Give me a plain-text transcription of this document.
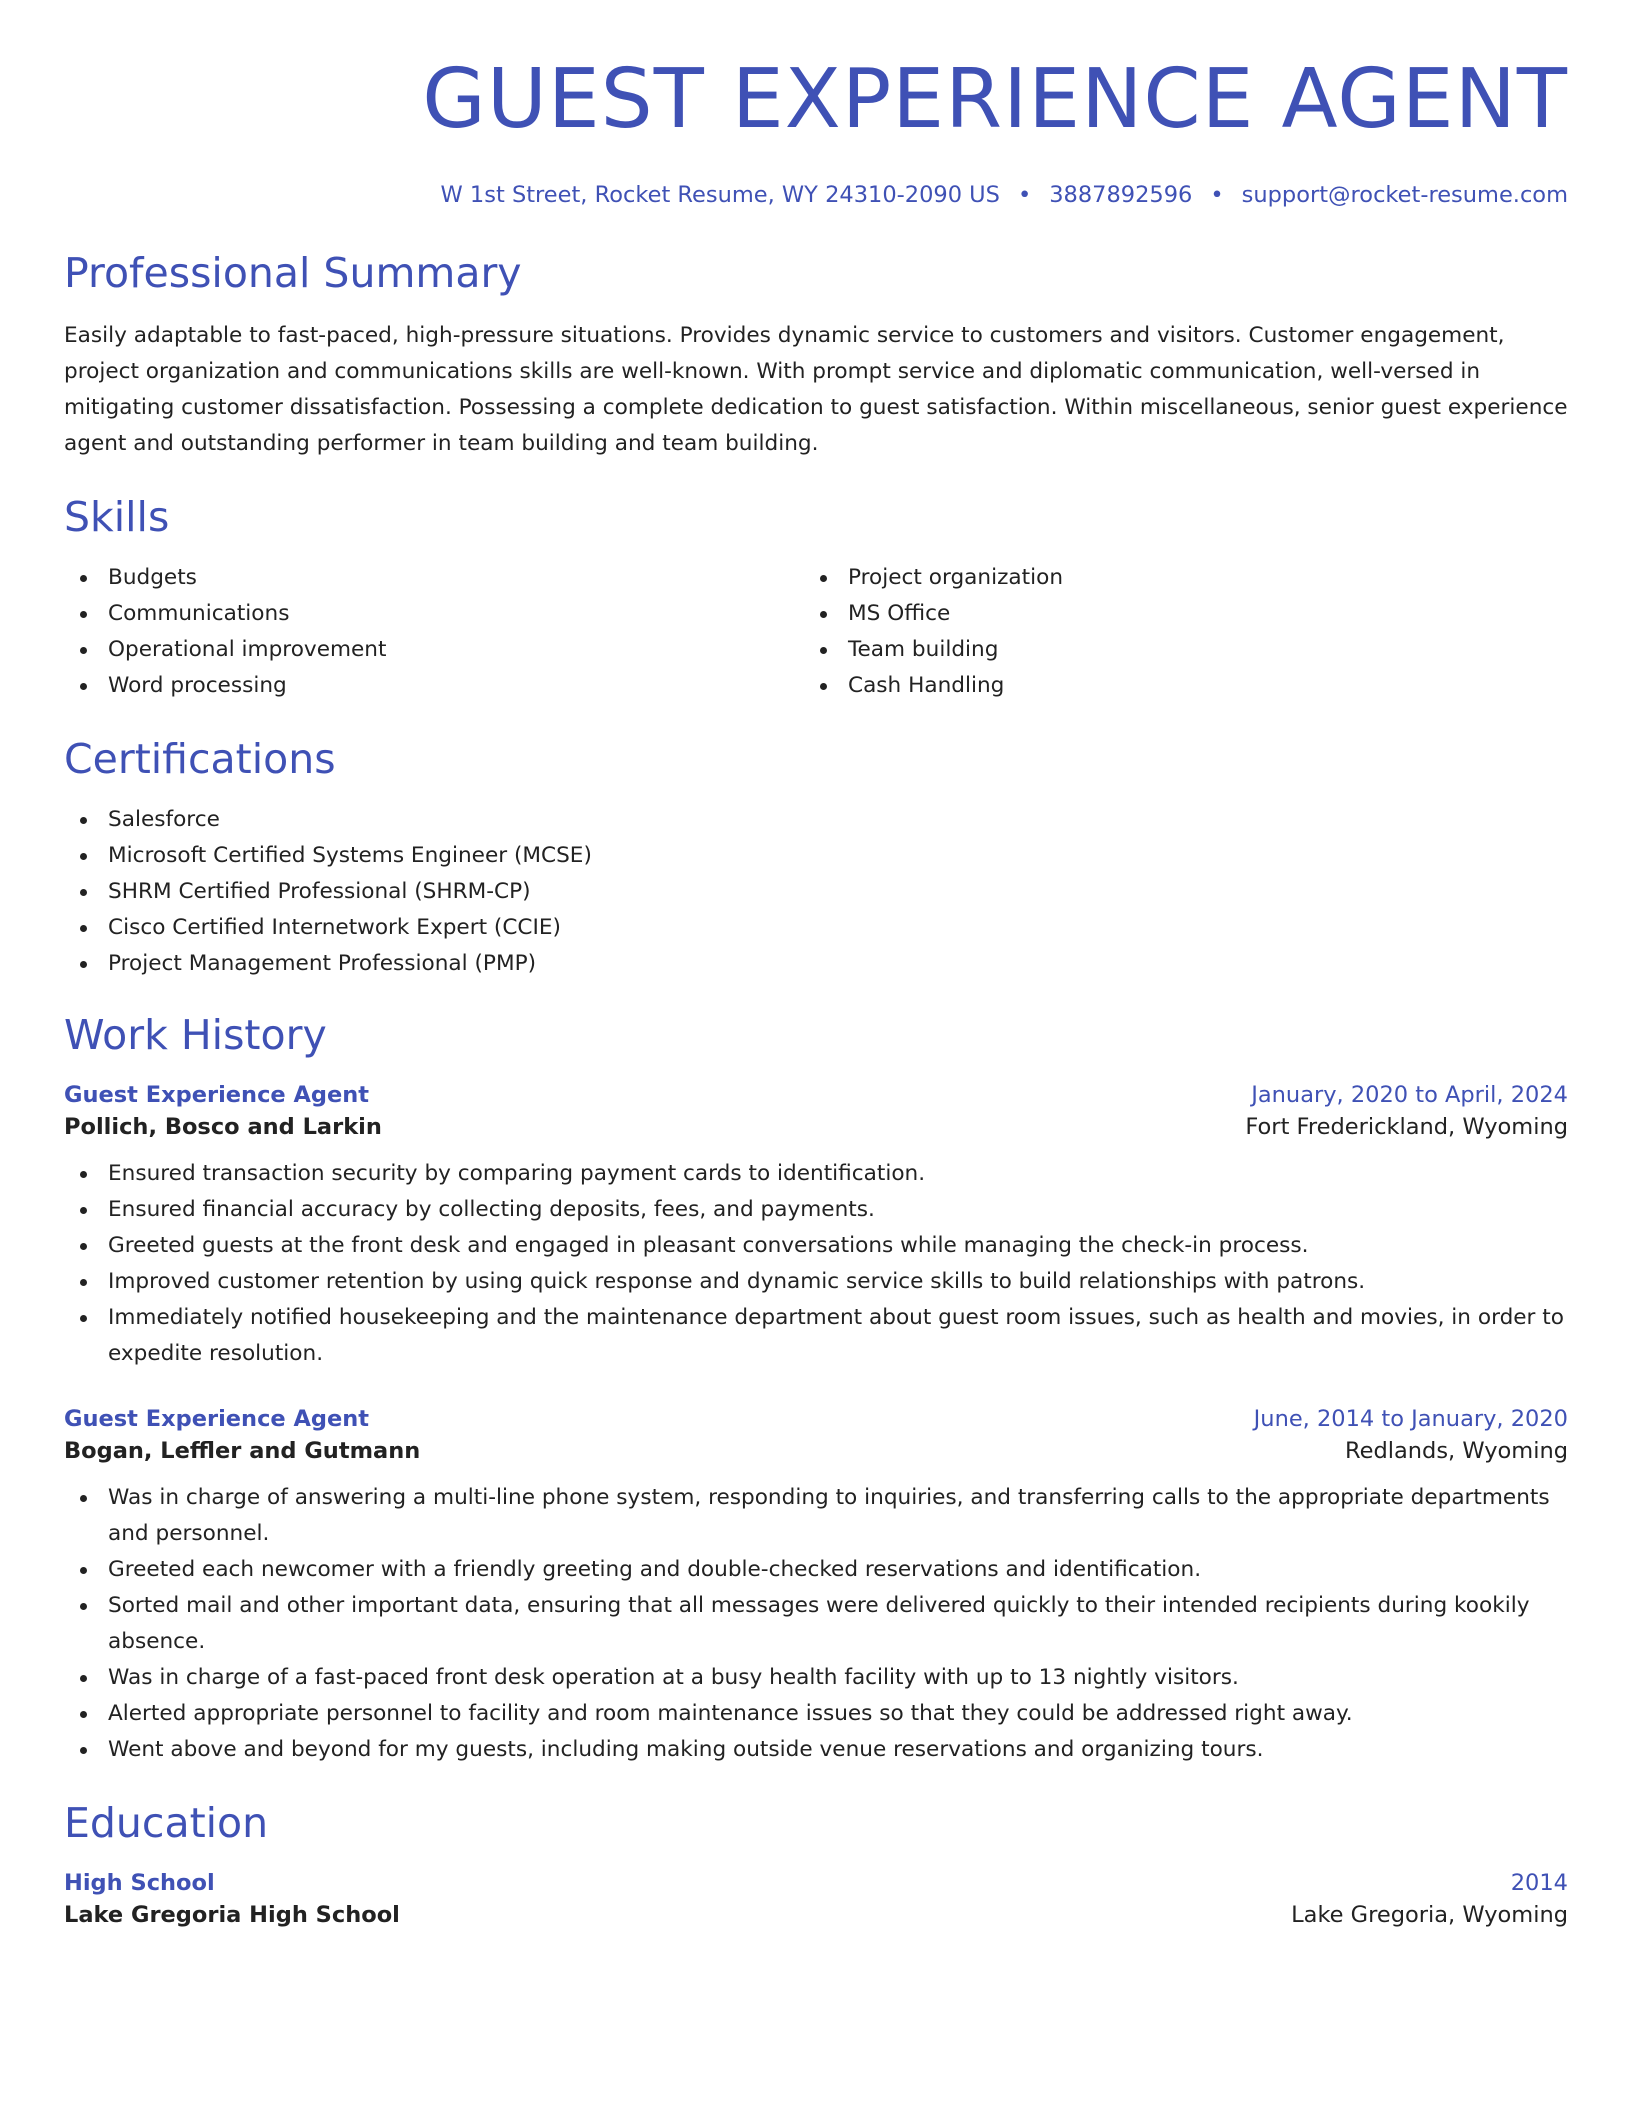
GUEST EXPERIENCE AGENT
W 1st Street, Rocket Resume, WY 24310-2090 US • 3887892596 • support@rocket-resume.com
Professional Summary
Easily adaptable to fast-paced, high-pressure situations. Provides dynamic service to customers and visitors. Customer engagement, project organization and communications skills are well-known. With prompt service and diplomatic communication, well-versed in mitigating customer dissatisfaction. Possessing a complete dedication to guest satisfaction. Within miscellaneous, senior guest experience agent and outstanding performer in team building and team building.
Skills
Budgets
Communications
Operational improvement
Word processing
Project organization
MS Office
Team building
Cash Handling
Certifications
Salesforce
Microsoft Certified Systems Engineer (MCSE)
SHRM Certified Professional (SHRM-CP)
Cisco Certified Internetwork Expert (CCIE)
Project Management Professional (PMP)
Work History
Guest Experience Agent	January, 2020 to April, 2024
Pollich, Bosco and Larkin	Fort Frederickland, Wyoming
Ensured transaction security by comparing payment cards to identification.
Ensured financial accuracy by collecting deposits, fees, and payments.
Greeted guests at the front desk and engaged in pleasant conversations while managing the check-in process.
Improved customer retention by using quick response and dynamic service skills to build relationships with patrons.
Immediately notified housekeeping and the maintenance department about guest room issues, such as health and movies, in order to expedite resolution.
Guest Experience Agent	June, 2014 to January, 2020
Bogan, Leffler and Gutmann	Redlands, Wyoming
Was in charge of answering a multi-line phone system, responding to inquiries, and transferring calls to the appropriate departments and personnel.
Greeted each newcomer with a friendly greeting and double-checked reservations and identification.
Sorted mail and other important data, ensuring that all messages were delivered quickly to their intended recipients during kookily absence.
Was in charge of a fast-paced front desk operation at a busy health facility with up to 13 nightly visitors.
Alerted appropriate personnel to facility and room maintenance issues so that they could be addressed right away.
Went above and beyond for my guests, including making outside venue reservations and organizing tours.
Education
High School	2014
Lake Gregoria High School	Lake Gregoria, Wyoming
